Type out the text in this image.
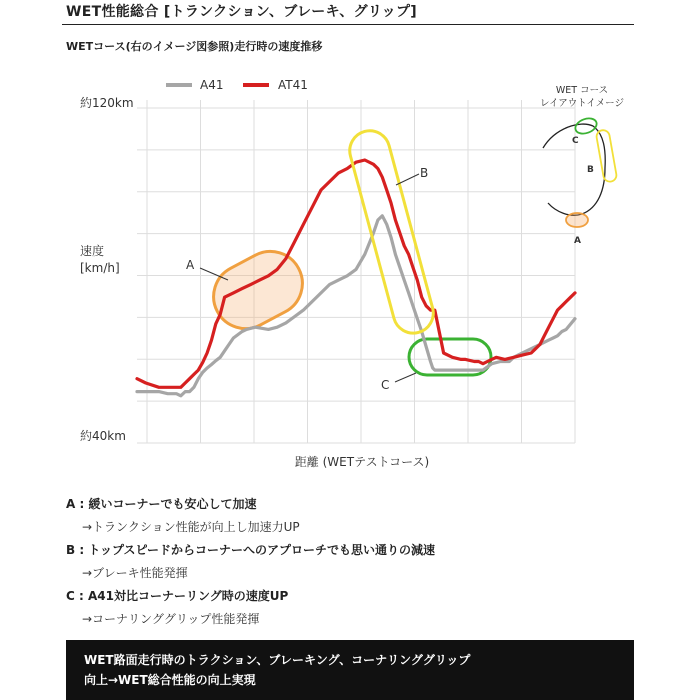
WET性能総合 [トランクション、ブレーキ、グリップ]
WETコース(右のイメージ図参照)走行時の速度推移
A
B
C
A41	AT41
約120km
約40km
速度
[km/h]
距離 (WETテストコース)
WET コース
レイアウトイメージ
C
B
A
A : 緩いコーナーでも安心して加速
→トランクション性能が向上し加速力UP
B : トップスピードからコーナーへのアプローチでも思い通りの減速
→ブレーキ性能発揮
C : A41対比コーナーリング時の速度UP
→コーナリンググリップ性能発揮
WET路面走行時のトラクション、ブレーキング、コーナリンググリップ
向上→WET総合性能の向上実現
